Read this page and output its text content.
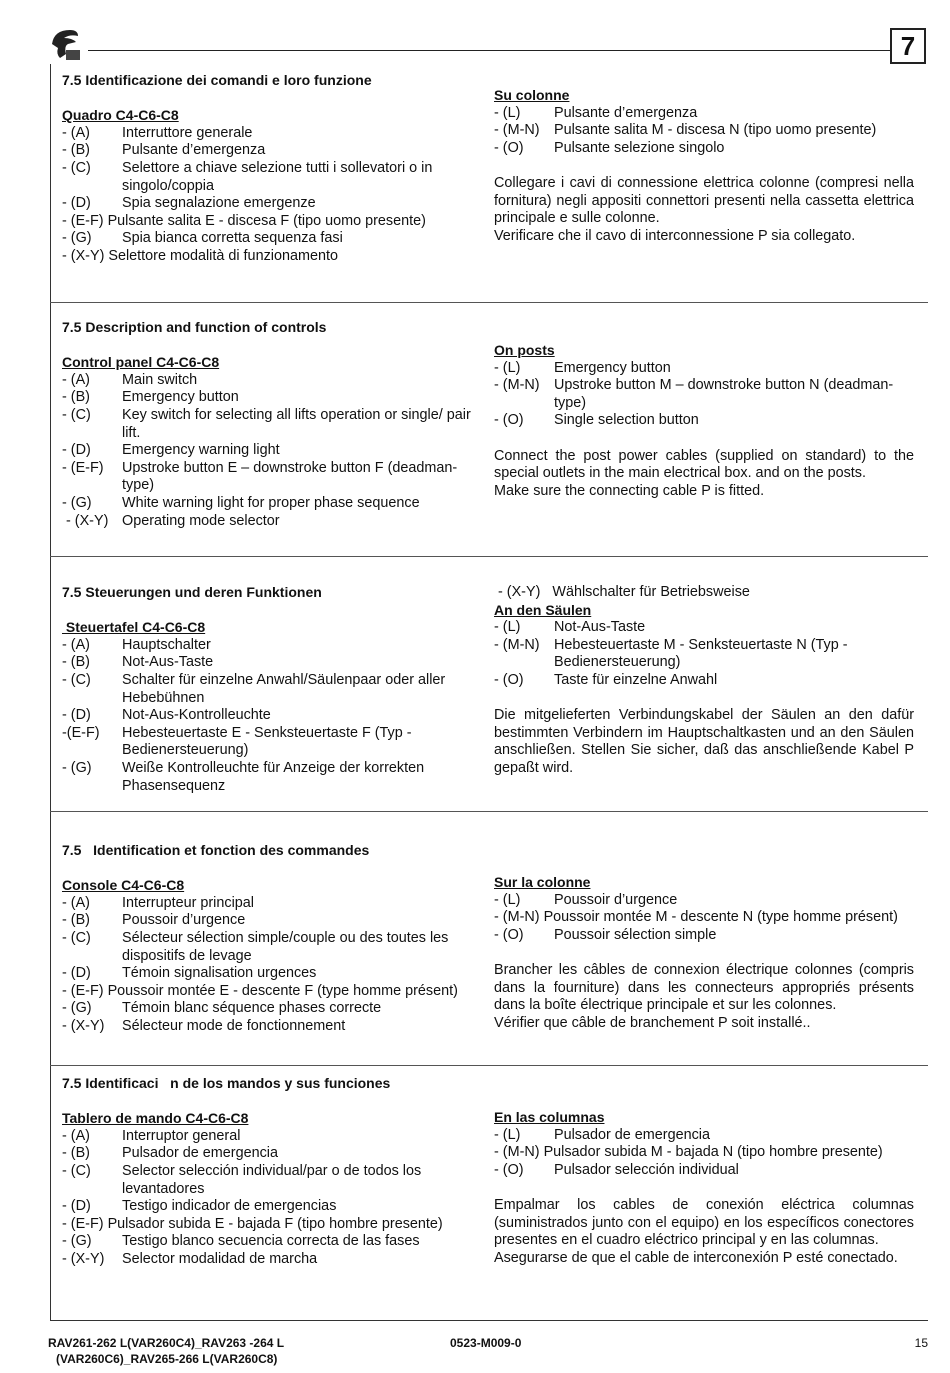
7
7.5 Identificazione dei comandi e loro funzione
Quadro C4-C6-C8
- (A) Interruttore generale
- (B) Pulsante d’emergenza
- (C)	Selettore a chiave selezione tutti i sollevatori o in singolo/coppia
- (D) Spia segnalazione emergenze
- (E-F) Pulsante salita E - discesa F (tipo uomo presente)
- (G) Spia bianca corretta sequenza fasi
- (X-Y) Selettore modalità di funzionamento
Su colonne
- (L) Pulsante d’emergenza
- (M-N) Pulsante salita M - discesa N (tipo uomo presente)
- (O) Pulsante selezione singolo
Collegare i cavi di connessione elettrica colonne (compresi nella fornitura) negli appositi connettori presenti nella cassetta elettrica principale e sulle colonne.
Verificare che il cavo di interconnessione P sia collegato.
7.5 Description and function of controls
Control panel C4-C6-C8
- (A) Main switch
- (B) Emergency button
- (C)	Key switch for selecting all lifts operation or single/ pair lift.
- (D) Emergency warning light
- (E-F)	Upstroke button E – downstroke button F (deadman-type)
- (G) White warning light for proper phase sequence
- (X-Y) Operating mode selector
On posts
- (L) Emergency button
- (M-N)	Upstroke button M – downstroke button N (deadman-type)
- (O) Single selection button
Connect the post power cables (supplied on standard) to the special outlets in the main electrical box. and on the posts.
Make sure the connecting cable P is fitted.
7.5 Steuerungen und deren Funktionen
Steuertafel C4-C6-C8
- (A) Hauptschalter
- (B) Not-Aus-Taste
- (C)	Schalter für einzelne Anwahl/Säulenpaar oder aller Hebebühnen
- (D) Not-Aus-Kontrolleuchte
-(E-F)	Hebesteuertaste E - Senksteuertaste F (Typ - Bedienersteuerung)
- (G)	Weiße Kontrolleuchte für Anzeige der korrekten Phasensequenz
- (X-Y)   Wählschalter für Betriebsweise
An den Säulen
- (L) Not-Aus-Taste
- (M-N)	Hebesteuertaste M - Senksteuertaste N (Typ - Bedienersteuerung)
- (O) Taste für einzelne Anwahl
Die mitgelieferten Verbindungskabel der Säulen an den dafür bestimmten Verbindern im Hauptschaltkasten und an den Säulen anschließen. Stellen Sie sicher, daß das anschließende Kabel P gepaßt wird.
7.5   Identification et fonction des commandes
Console C4-C6-C8
- (A) Interrupteur principal
- (B) Poussoir d’urgence
- (C)	Sélecteur sélection simple/couple ou des toutes les dispositifs de levage
- (D) Témoin signalisation urgences
- (E-F) Poussoir montée E - descente F (type homme présent)
- (G) Témoin blanc séquence phases correcte
- (X-Y) Sélecteur mode de fonctionnement
Sur la colonne
- (L) Poussoir d’urgence
- (M-N) Poussoir montée M - descente N (type homme présent)
- (O) Poussoir sélection simple
Brancher les câbles de connexion électrique colonnes (compris dans la fourniture) dans les connecteurs appropriés présents dans la boîte électrique principale et sur les colonnes.
Vérifier que câble de branchement P soit installé..
7.5 Identificaci   n de los mandos y sus funciones
Tablero de mando C4-C6-C8
- (A) Interruptor general
- (B) Pulsador de emergencia
- (C)	Selector selección individual/par o de todos los levantadores
- (D) Testigo indicador de emergencias
- (E-F) Pulsador subida E - bajada F (tipo hombre presente)
- (G) Testigo blanco secuencia correcta de las fases
- (X-Y) Selector modalidad de marcha
En las columnas
- (L) Pulsador de emergencia
- (M-N) Pulsador subida M - bajada N (tipo hombre presente)
- (O) Pulsador selección individual
Empalmar los cables de conexión eléctrica columnas (suministrados junto con el equipo) en los específicos conectores presentes en el cuadro eléctrico principal y en las columnas.
Asegurarse de que el cable de interconexión P esté conectado.
RAV261-262 L(VAR260C4)_RAV263 -264 L
(VAR260C6)_RAV265-266 L(VAR260C8)
0523-M009-0	15
